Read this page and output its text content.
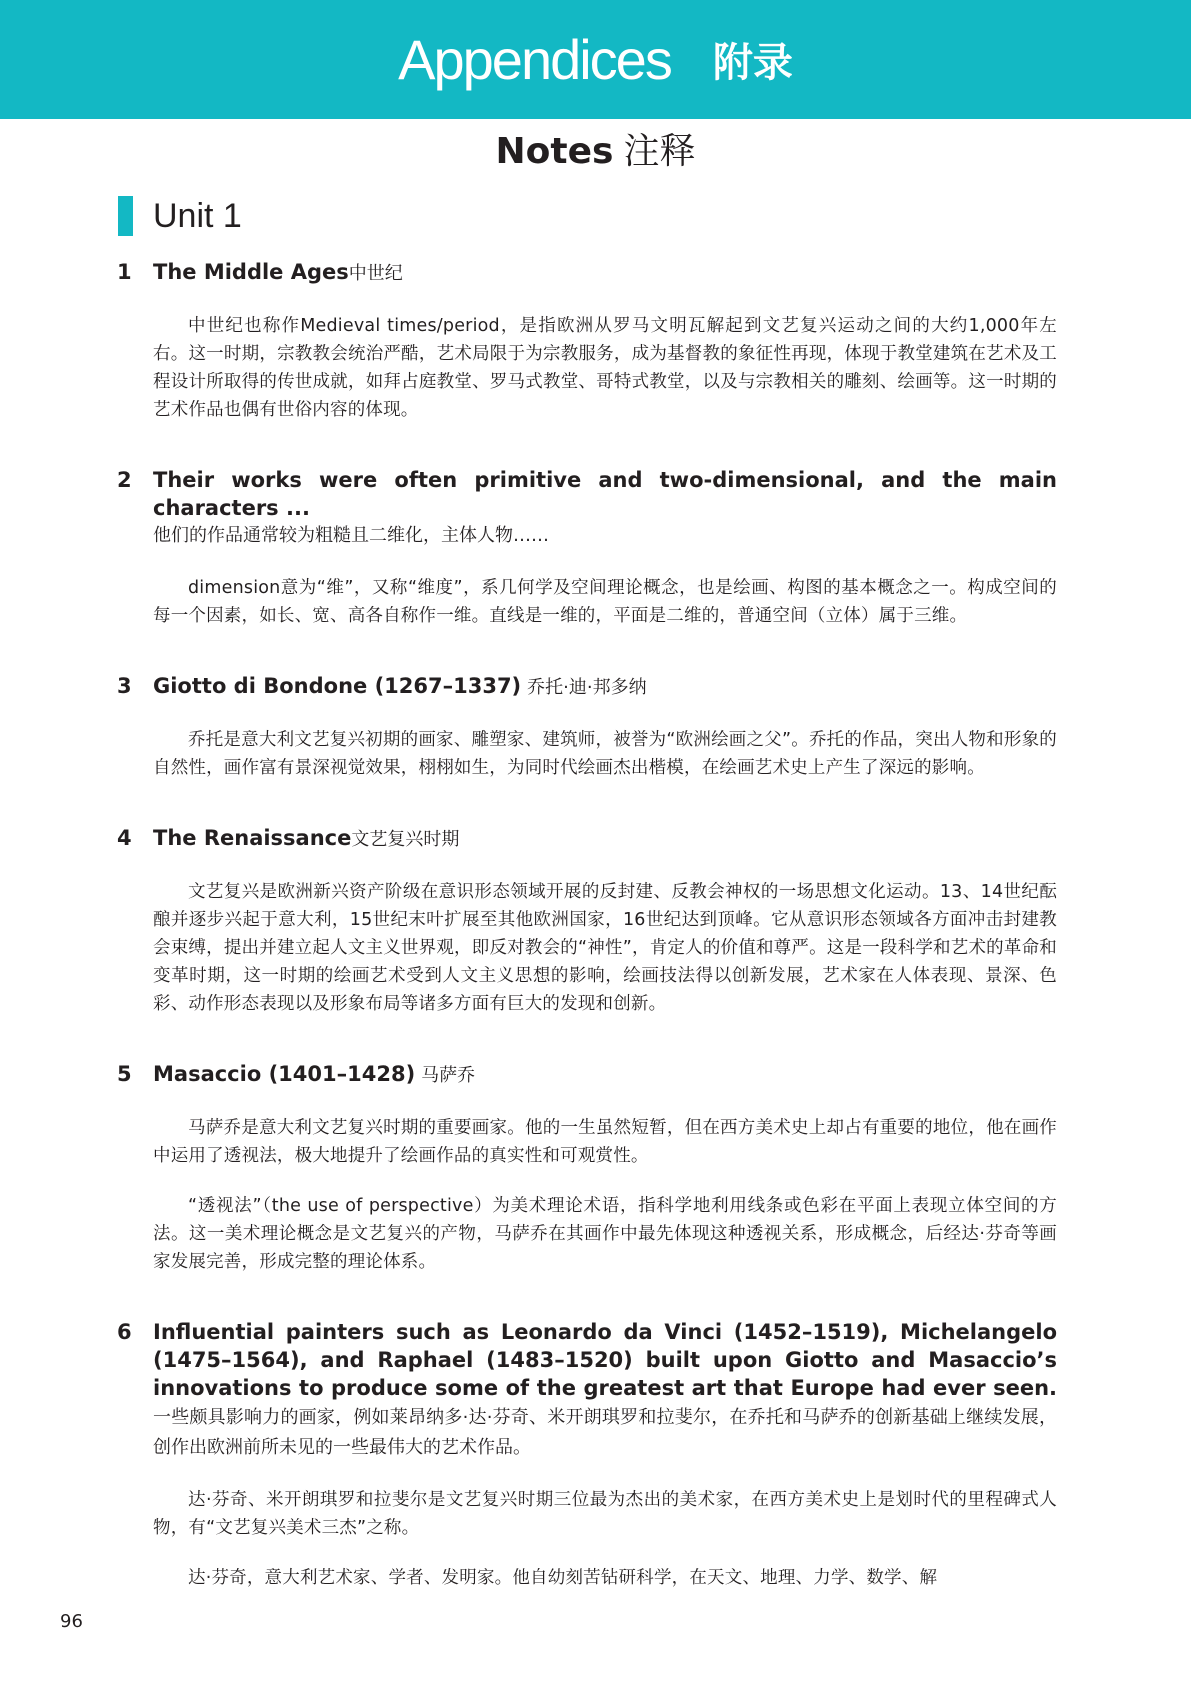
Appendices 附录
Notes 注释
Unit 1
1	The Middle Ages中世纪

中世纪也称作Medieval times/period，是指欧洲从罗马文明瓦解起到文艺复兴运动之间的大约1,000年左右。这一时期，宗教教会统治严酷，艺术局限于为宗教服务，成为基督教的象征性再现，体现于教堂建筑在艺术及工程设计所取得的传世成就，如拜占庭教堂、罗马式教堂、哥特式教堂，以及与宗教相关的雕刻、绘画等。这一时期的艺术作品也偶有世俗内容的体现。

2	Their works were often primitive and two-dimensional, and the main characters ...
他们的作品通常较为粗糙且二维化，主体人物……

dimension意为“维”，又称“维度”，系几何学及空间理论概念，也是绘画、构图的基本概念之一。构成空间的每一个因素，如长、宽、高各自称作一维。直线是一维的，平面是二维的，普通空间（立体）属于三维。

3	Giotto di Bondone (1267–1337) 乔托·迪·邦多纳

乔托是意大利文艺复兴初期的画家、雕塑家、建筑师，被誉为“欧洲绘画之父”。乔托的作品，突出人物和形象的自然性，画作富有景深视觉效果，栩栩如生，为同时代绘画杰出楷模，在绘画艺术史上产生了深远的影响。

4	The Renaissance文艺复兴时期

文艺复兴是欧洲新兴资产阶级在意识形态领域开展的反封建、反教会神权的一场思想文化运动。13、14世纪酝酿并逐步兴起于意大利，15世纪末叶扩展至其他欧洲国家，16世纪达到顶峰。它从意识形态领域各方面冲击封建教会束缚，提出并建立起人文主义世界观，即反对教会的“神性”，肯定人的价值和尊严。这是一段科学和艺术的革命和变革时期，这一时期的绘画艺术受到人文主义思想的影响，绘画技法得以创新发展，艺术家在人体表现、景深、色彩、动作形态表现以及形象布局等诸多方面有巨大的发现和创新。

5	Masaccio (1401–1428) 马萨乔

马萨乔是意大利文艺复兴时期的重要画家。他的一生虽然短暂，但在西方美术史上却占有重要的地位，他在画作中运用了透视法，极大地提升了绘画作品的真实性和可观赏性。

“透视法”（the use of perspective）为美术理论术语，指科学地利用线条或色彩在平面上表现立体空间的方法。这一美术理论概念是文艺复兴的产物，马萨乔在其画作中最先体现这种透视关系，形成概念，后经达·芬奇等画家发展完善，形成完整的理论体系。

6	Influential painters such as Leonardo da Vinci (1452–1519), Michelangelo (1475–1564), and Raphael (1483–1520) built upon Giotto and Masaccio’s innovations to produce some of the greatest art that Europe had ever seen. 一些颇具影响力的画家，例如莱昂纳多·达·芬奇、米开朗琪罗和拉斐尔，在乔托和马萨乔的创新基础上继续发展，创作出欧洲前所未见的一些最伟大的艺术作品。

达·芬奇、米开朗琪罗和拉斐尔是文艺复兴时期三位最为杰出的美术家，在西方美术史上是划时代的里程碑式人物，有“文艺复兴美术三杰”之称。

达·芬奇，意大利艺术家、学者、发明家。他自幼刻苦钻研科学，在天文、地理、力学、数学、解

96
